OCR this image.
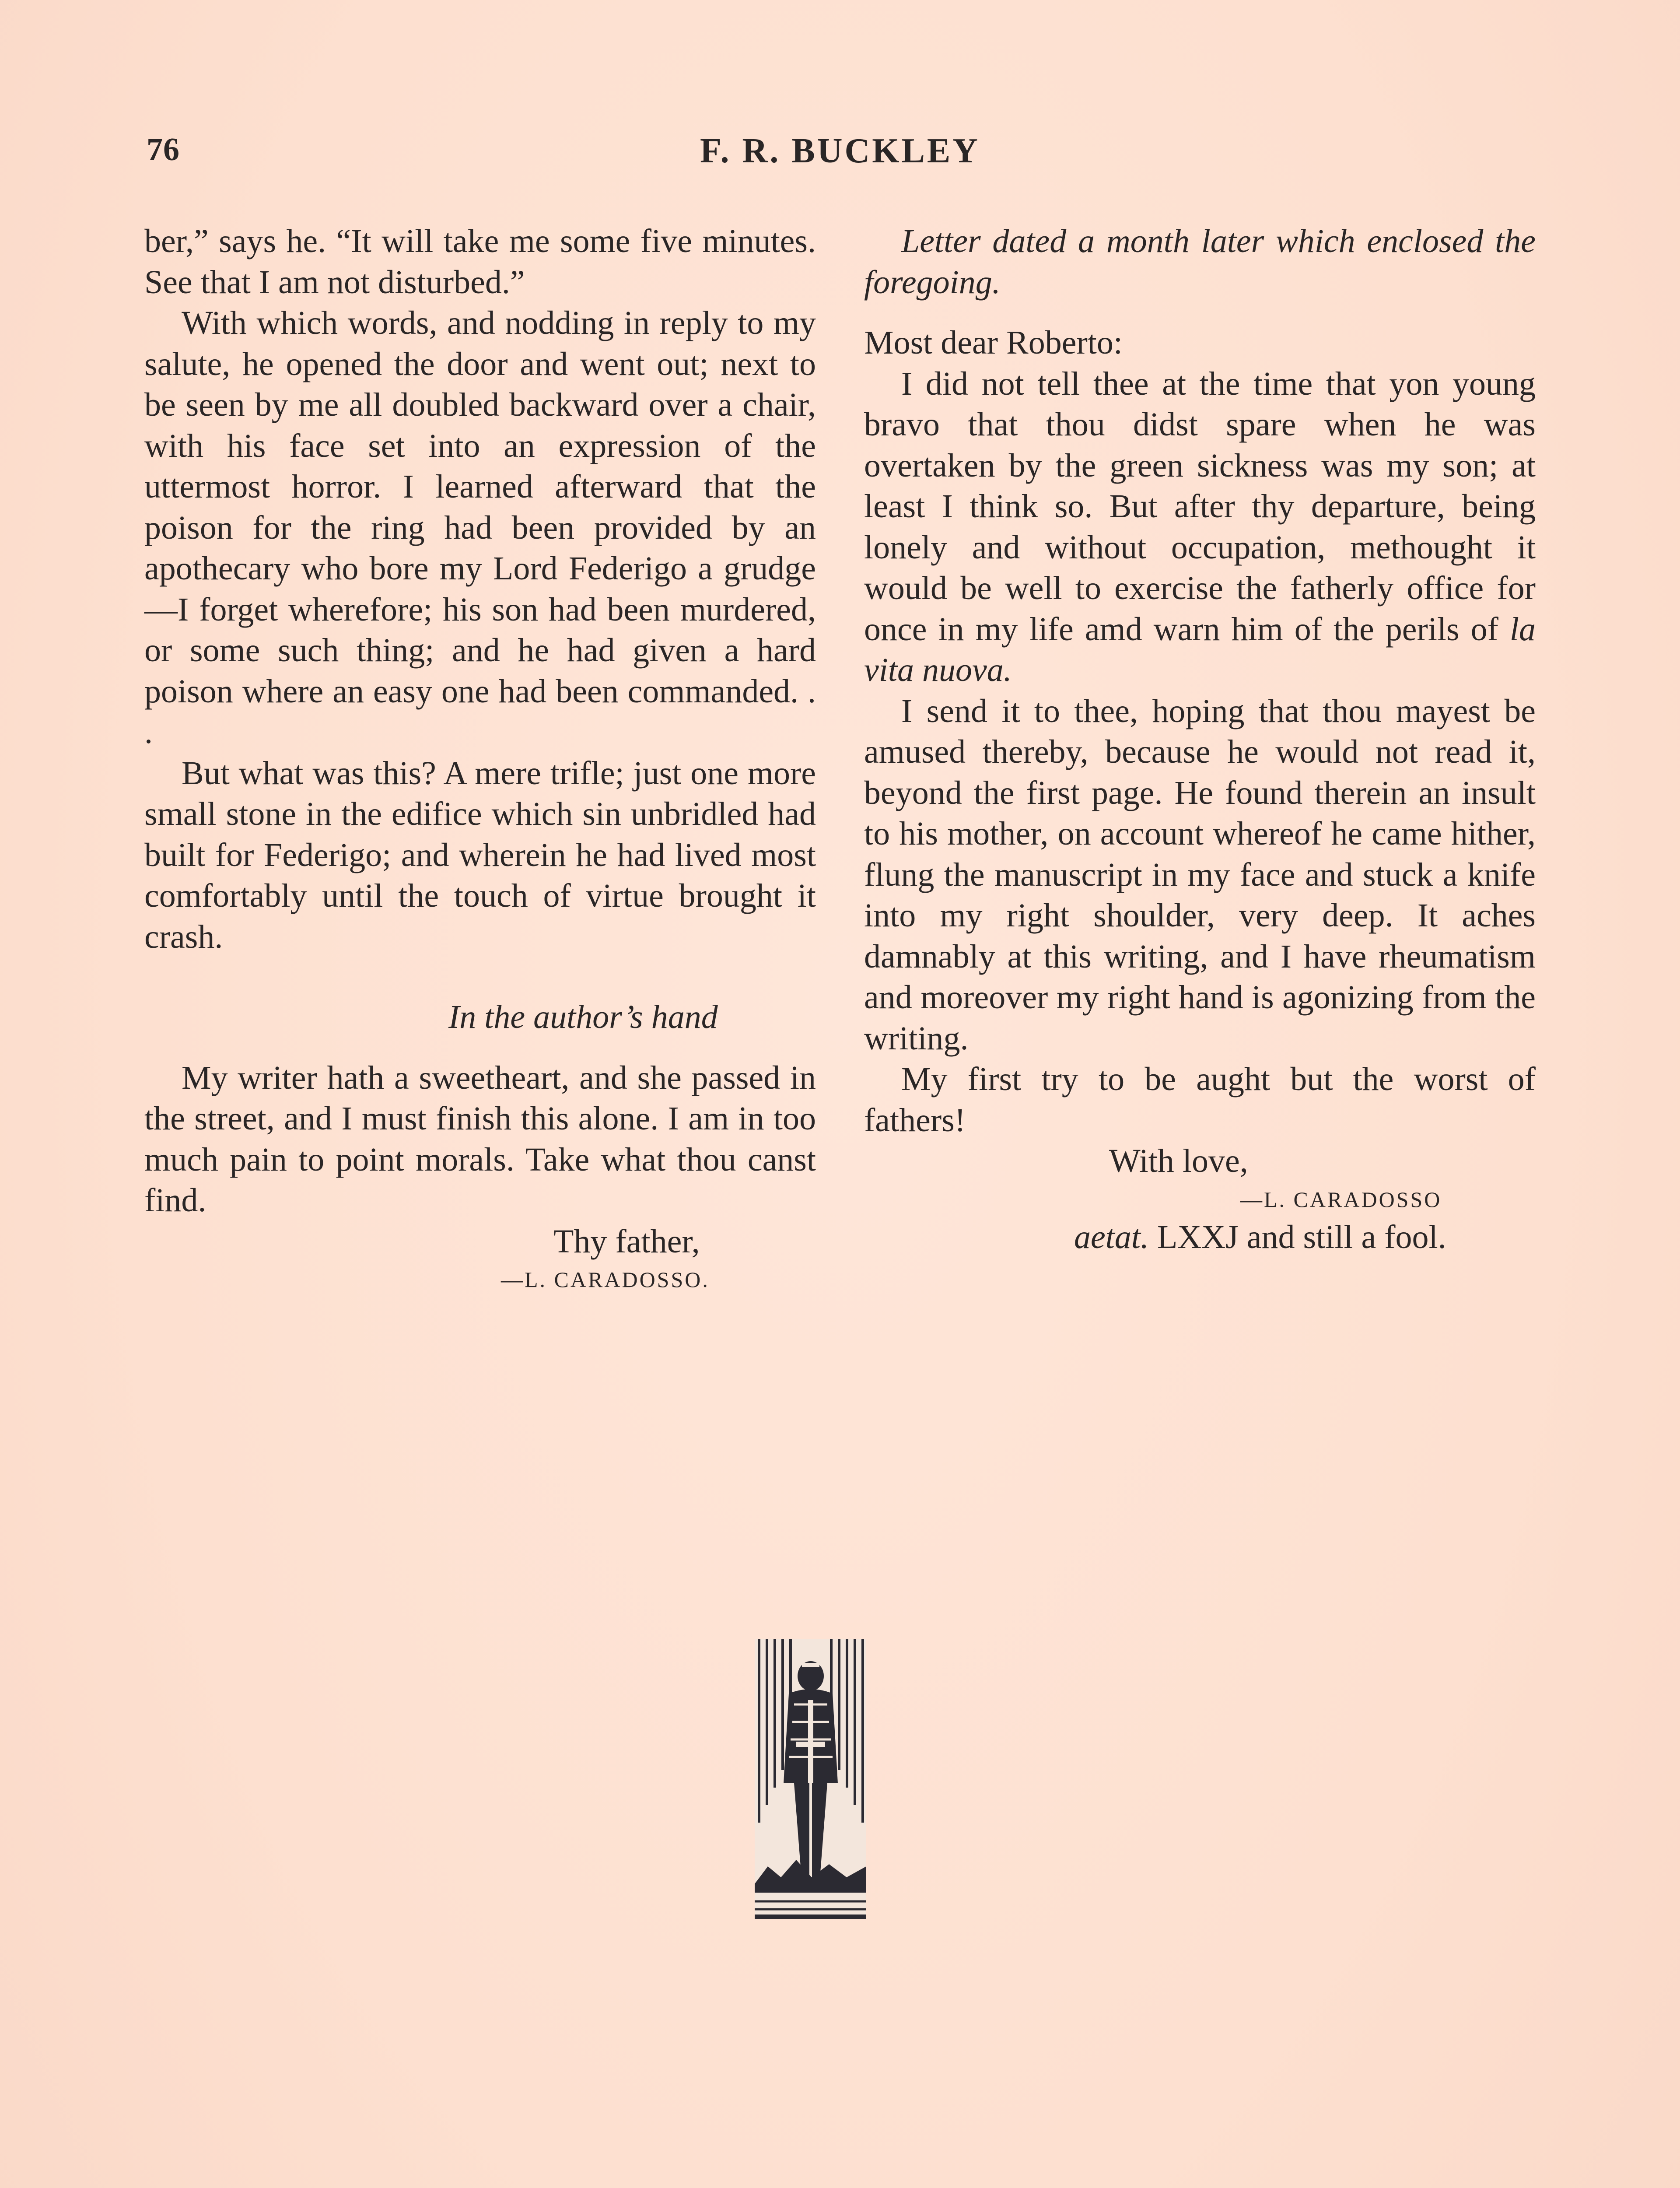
76	F. R. BUCKLEY

ber,” says he. “It will take me some five minutes. See that I am not disturbed.”

With which words, and nodding in reply to my salute, he opened the door and went out; next to be seen by me all doubled backward over a chair, with his face set into an expression of the uttermost horror. I learned afterward that the poison for the ring had been provided by an apothecary who bore my Lord Federigo a grudge—I forget wherefore; his son had been murdered, or some such thing; and he had given a hard poison where an easy one had been commanded. . .

But what was this? A mere trifle; just one more small stone in the edifice which sin unbridled had built for Federigo; and wherein he had lived most comfortably until the touch of virtue brought it crash.

In the author’s hand

My writer hath a sweetheart, and she passed in the street, and I must finish this alone. I am in too much pain to point morals. Take what thou canst find.

Thy father,

—L. CARADOSSO.

Letter dated a month later which enclosed the foregoing.

Most dear Roberto:

I did not tell thee at the time that yon young bravo that thou didst spare when he was overtaken by the green sickness was my son; at least I think so. But after thy departure, being lonely and without occupation, methought it would be well to exercise the fatherly office for once in my life amd warn him of the perils of la vita nuova.

I send it to thee, hoping that thou mayest be amused thereby, because he would not read it, beyond the first page. He found therein an insult to his mother, on account whereof he came hither, flung the manuscript in my face and stuck a knife into my right shoulder, very deep. It aches damnably at this writing, and I have rheumatism and moreover my right hand is agonizing from the writing.

My first try to be aught but the worst of fathers!

With love,

—L. CARADOSSO

aetat. LXXJ and still a fool.
